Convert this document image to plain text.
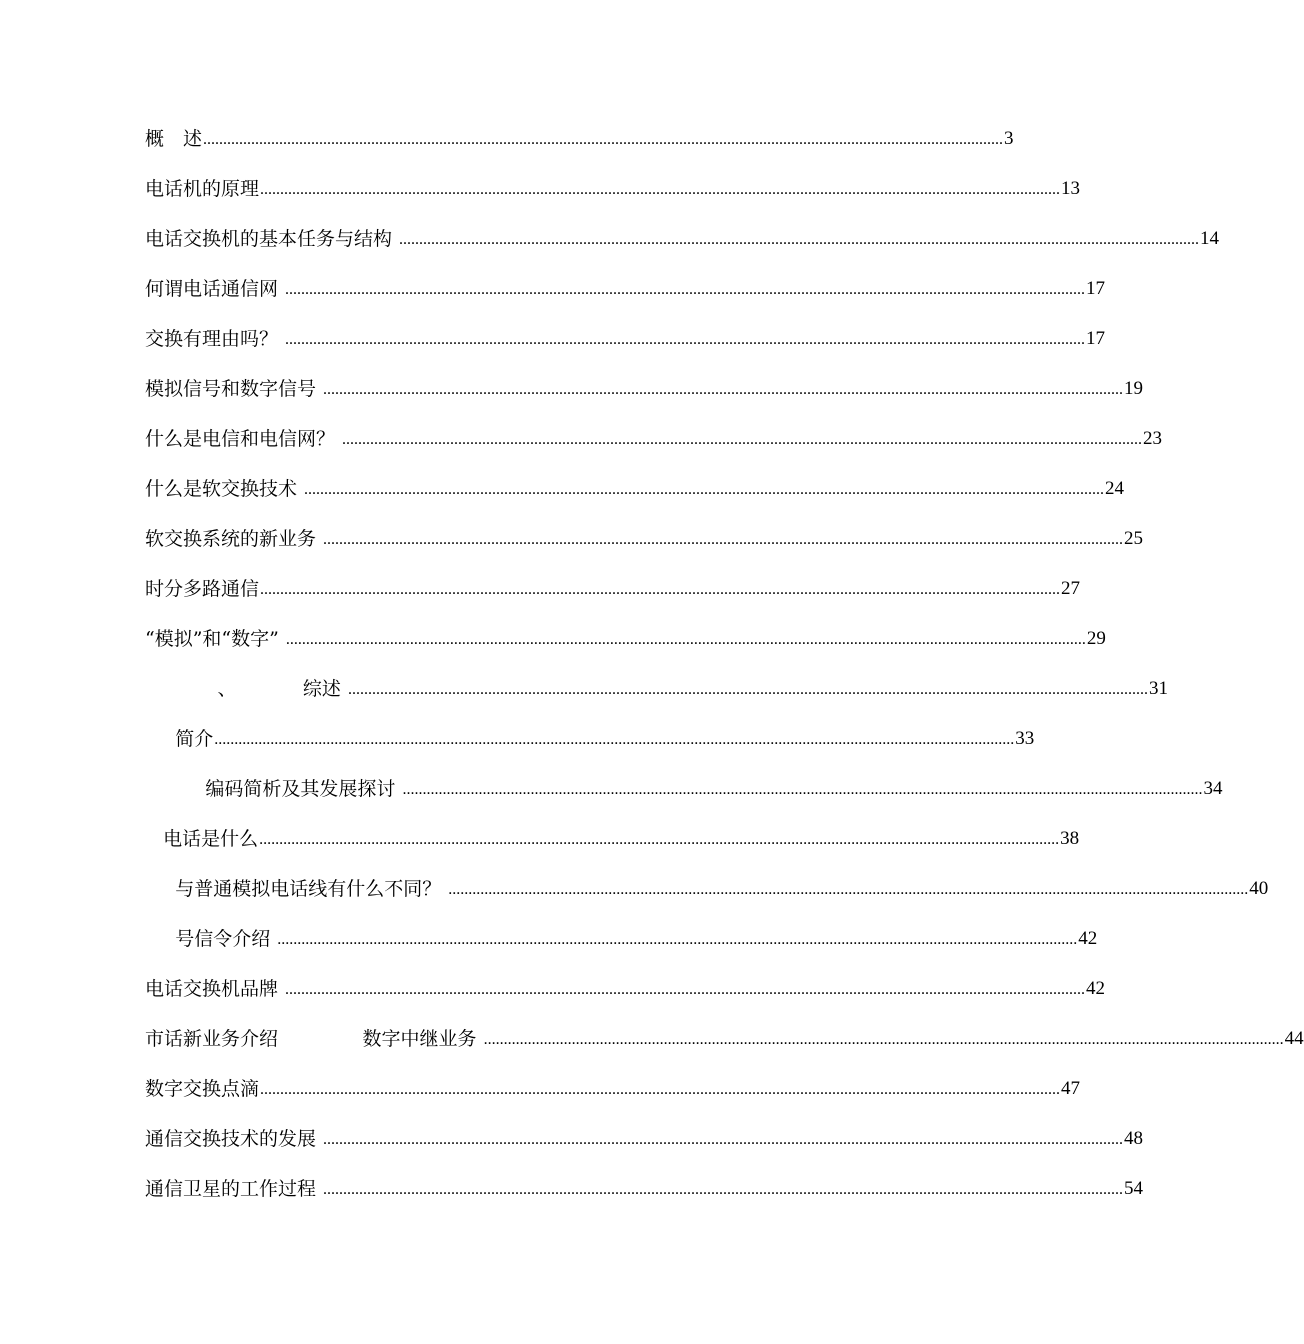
概　述 ........................................................................................................................................................................................................ 3
电话机的原理 ........................................................................................................................................................................................................ 13
电话交换机的基本任务与结构 ........................................................................................................................................................................................................ 14
何谓电话通信网 ........................................................................................................................................................................................................ 17
交换有理由吗？ ........................................................................................................................................................................................................ 17
模拟信号和数字信号 ........................................................................................................................................................................................................ 19
什么是电信和电信网？ ........................................................................................................................................................................................................ 23
什么是软交换技术 ........................................................................................................................................................................................................ 24
软交换系统的新业务 ........................................................................................................................................................................................................ 25
时分多路通信 ........................................................................................................................................................................................................ 27
“模拟”和“数字” ........................................................................................................................................................................................................ 29
、           综述 ........................................................................................................................................................................................................ 31
简介 ........................................................................................................................................................................................................ 33
编码简析及其发展探讨 ........................................................................................................................................................................................................ 34
电话是什么 ........................................................................................................................................................................................................ 38
与普通模拟电话线有什么不同？ ........................................................................................................................................................................................................ 40
号信令介绍 ........................................................................................................................................................................................................ 42
电话交换机品牌 ........................................................................................................................................................................................................ 42
市话新业务介绍              数字中继业务 ........................................................................................................................................................................................................ 44
数字交换点滴 ........................................................................................................................................................................................................ 47
通信交换技术的发展 ........................................................................................................................................................................................................ 48
通信卫星的工作过程 ........................................................................................................................................................................................................ 54
